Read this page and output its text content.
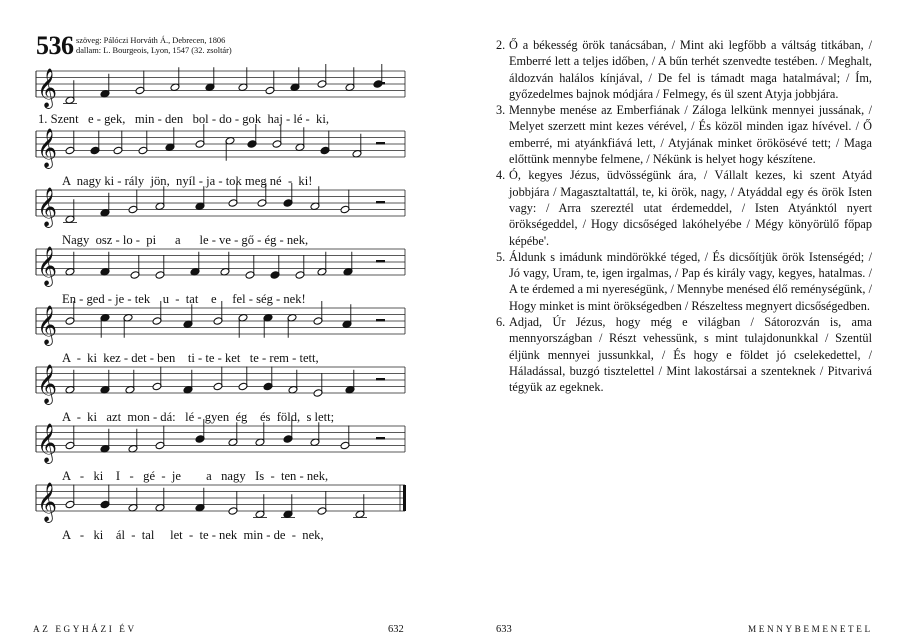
536 szöveg: Pálóczi Horváth Á., Debrecen, 1806
dallam: L. Bourgeois, Lyon, 1547 (32. zsoltár)
𝄞
𝄞
𝄞
𝄞
𝄞
𝄞
𝄞
𝄞
1. Szent   e - gek,   min - den   bol - do - gok  haj - lé -  ki,
A  nagy ki - rály  jön,  nyíl - ja - tok meg né  -  ki!
Nagy  osz - lo -  pi      a      le - ve - gő - ég - nek,
En - ged - je - tek    u  -  tat    e     fel - ség - nek!
A  -  ki  kez - det - ben    ti - te - ket   te - rem - tett,
A  -  ki   azt  mon - dá:   lé - gyen  ég    és  föld,  s lett;
A   -   ki    I   -   gé  -  je        a   nagy   Is  -  ten - nek,
A   -   ki    ál  -  tal     let  -  te - nek  min - de  -  nek,
AZ EGYHÁZI ÉV	632
2. Ő a békesség örök tanácsában, / Mint aki legfőbb a váltság titkában, / Emberré lett a teljes időben, / A bűn terhét szenvedte testében. / Meghalt, áldozván halálos kínjával, / De fel is támadt maga hatalmával; / Ím, győzedelmes bajnok módjára / Felmegy, és ül szent Atyja jobbjára.
3. Mennybe menése az Emberfiának / Záloga lelkünk mennyei jussának, / Melyet szerzett mint kezes vérével, / És közöl minden igaz hívével. / Ő emberré, mi atyánkfiává lett, / Atyjának minket örökösévé tett; / Maga előttünk mennybe felmene, / Nékünk is helyet hogy készítene.
4. Ó, kegyes Jézus, üdvösségünk ára, / Vállalt kezes, ki szent Atyád jobbjára / Magasztaltattál, te, ki örök, nagy, / Atyáddal egy és örök Isten vagy: / Arra szereztél utat érdemeddel, / Isten Atyánktól nyert örökségeddel, / Hogy dicsőséged lakóhelyébe / Mégy könyörülő főpap képébe'.
5. Áldunk s imádunk mindörökké téged, / És dicsőítjük örök Istenségéd; / Jó vagy, Uram, te, igen irgalmas, / Pap és király vagy, kegyes, hatalmas. / A te érdemed a mi nyereségünk, / Mennybe menésed élő reménységünk, / Hogy minket is mint örökségedben / Részeltess megnyert dicsőségedben.
6. Adjad, Úr Jézus, hogy még e világban / Sátorozván is, ama mennyországban / Részt vehessünk, s mint tulajdonunkkal / Szentül éljünk mennyei jussunkkal, / És hogy e földet jó cselekedettel, / Háladással, buzgó tisztelettel / Mint lakostársai a szenteknek / Pitvarivá tégyük az egeknek.
633	MENNYBEMENETEL
